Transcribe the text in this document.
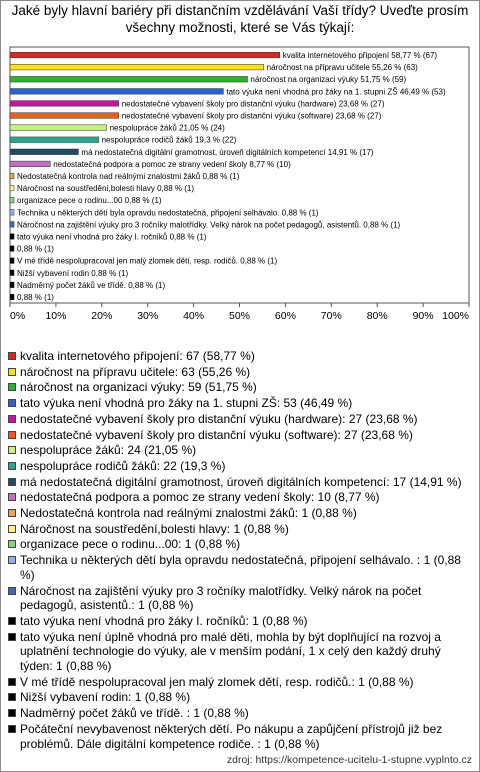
Jaké byly hlavní bariéry při distančním vzdělávání Vaší třídy? Uveďte prosím všechny možnosti, které se Vás týkají:
kvalita internetového připojení 58,77 % (67)
náročnost na přípravu učitele 55,26 % (63)
náročnost na organizaci výuky 51,75 % (59)
tato výuka není vhodná pro žáky na 1. stupni ZŠ 46,49 % (53)
nedostatečné vybavení školy pro distanční výuku (hardware) 23,68 % (27)
nedostatečné vybavení školy pro distanční výuku (software) 23,68 % (27)
nespolupráce žáků 21,05 % (24)
nespolupráce rodičů žáků 19,3 % (22)
má nedostatečná digitální gramotnost, úroveň digitálních kompetencí 14,91 % (17)
nedostatečná podpora a pomoc ze strany vedení školy 8,77 % (10)
Nedostatečná kontrola nad reálnými znalostmi žáků 0,88 % (1)
Náročnost na soustředění,bolesti hlavy 0,88 % (1)
organizace pece o rodinu...00 0,88 % (1)
Technika u některých dětí byla opravdu nedostatečná, připojení selhávalo. 0,88 % (1)
Náročnost na zajištění výuky pro 3 ročníky malotřídky. Velký nárok na počet pedagogů, asistentů. 0,88 % (1)
tato výuka není vhodná pro žáky I. ročníků 0,88 % (1)
0,88 % (1)
V mé třídě nespolupracoval jen malý zlomek dětí, resp. rodičů. 0,88 % (1)
Nižší vybavení rodin 0,88 % (1)
Nadměrný počet žáků ve třídě. 0,88 % (1)
0,88 % (1)
0% 10% 20% 30% 40% 50% 60% 70% 80% 90% 100%
kvalita internetového připojení: 67 (58,77 %)
náročnost na přípravu učitele: 63 (55,26 %)
náročnost na organizaci výuky: 59 (51,75 %)
tato výuka není vhodná pro žáky na 1. stupni ZŠ: 53 (46,49 %)
nedostatečné vybavení školy pro distanční výuku (hardware): 27 (23,68 %)
nedostatečné vybavení školy pro distanční výuku (software): 27 (23,68 %)
nespolupráce žáků: 24 (21,05 %)
nespolupráce rodičů žáků: 22 (19,3 %)
má nedostatečná digitální gramotnost, úroveň digitálních kompetencí: 17 (14,91 %)
nedostatečná podpora a pomoc ze strany vedení školy: 10 (8,77 %)
Nedostatečná kontrola nad reálnými znalostmi žáků: 1 (0,88 %)
Náročnost na soustředění,bolesti hlavy: 1 (0,88 %)
organizace pece o rodinu...00: 1 (0,88 %)
Technika u některých dětí byla opravdu nedostatečná, připojení selhávalo. : 1 (0,88 %)
Náročnost na zajištění výuky pro 3 ročníky malotřídky. Velký nárok na počet pedagogů, asistentů.: 1 (0,88 %)
tato výuka není vhodná pro žáky I. ročníků: 1 (0,88 %)
tato výuka není úplně vhodná pro malé děti, mohla by být doplňující na rozvoj a uplatnění technologie do výuky, ale v menším podání, 1 x celý den každý druhý týden: 1 (0,88 %)
V mé třídě nespolupracoval jen malý zlomek dětí, resp. rodičů.: 1 (0,88 %)
Nižší vybavení rodin: 1 (0,88 %)
Nadměrný počet žáků ve třídě. : 1 (0,88 %)
Počáteční nevybavenost některých dětí. Po nákupu a zapůjčení přístrojů již bez problémů. Dále digitální kompetence rodiče. : 1 (0,88 %)
zdroj: https://kompetence-ucitelu-1-stupne.vyplnto.cz
